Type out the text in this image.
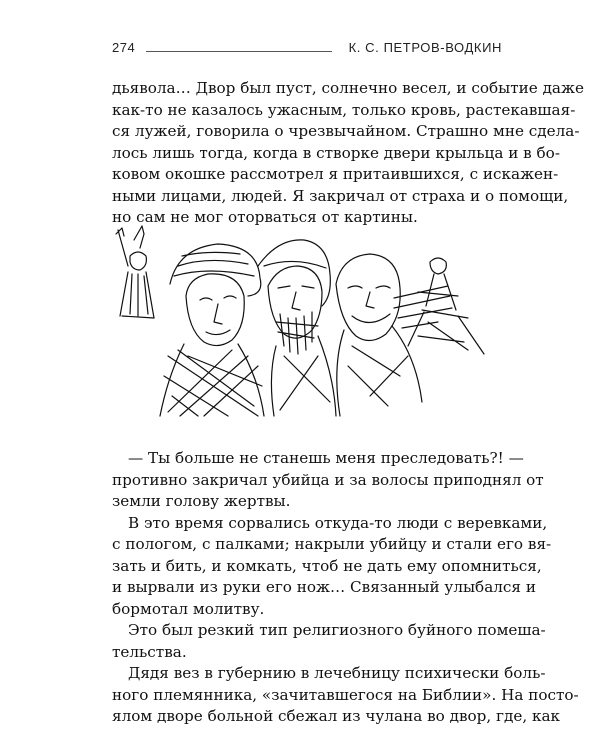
274	К. С. ПЕТРОВ-ВОДКИН
дьявола… Двор был пуст, солнечно весел, и событие даже
как-то не казалось ужасным, только кровь, растекавшая-
ся лужей, говорила о чрезвычайном. Страшно мне сдела-
лось лишь тогда, когда в створке двери крыльца и в бо-
ковом окошке рассмотрел я притаившихся, с искажен-
ными лицами, людей. Я закричал от страха и о помощи,
но сам не мог оторваться от картины.
— Ты больше не станешь меня преследовать?! —
противно закричал убийца и за волосы приподнял от
земли голову жертвы.
В это время сорвались откуда-то люди с веревками,
с пологом, с палками; накрыли убийцу и стали его вя-
зать и бить, и комкать, чтоб не дать ему опомниться,
и вырвали из руки его нож… Связанный улыбался и
бормотал молитву.
Это был резкий тип религиозного буйного помеша-
тельства.
Дядя вез в губернию в лечебницу психически боль-
ного племянника, «зачитавшегося на Библии». На посто-
ялом дворе больной сбежал из чулана во двор, где, как
